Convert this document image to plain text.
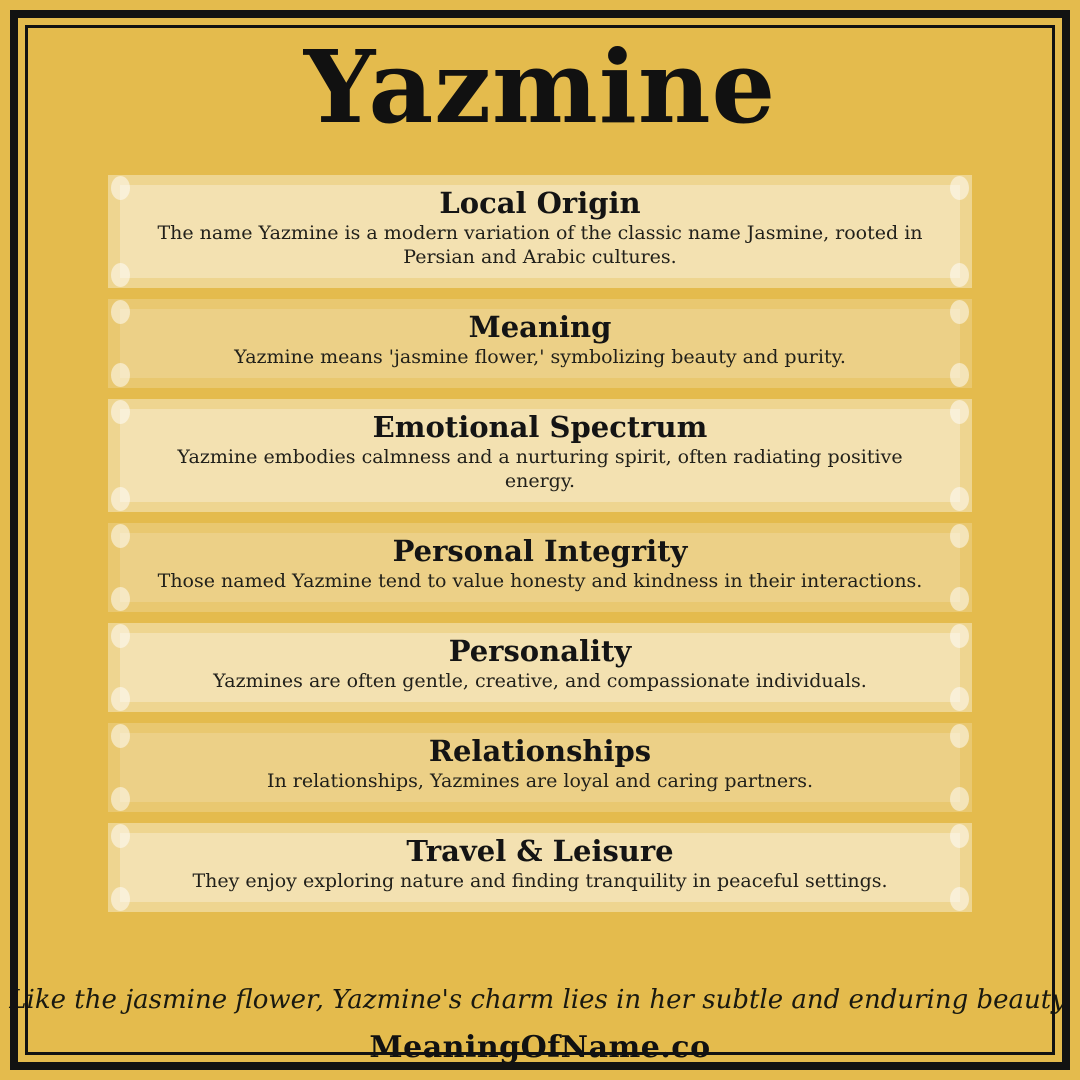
Yazmine
Local Origin

The name Yazmine is a modern variation of the classic name Jasmine, rooted in Persian and Arabic cultures.

Meaning

Yazmine means 'jasmine flower,' symbolizing beauty and purity.

Emotional Spectrum

Yazmine embodies calmness and a nurturing spirit, often radiating positive energy.

Personal Integrity

Those named Yazmine tend to value honesty and kindness in their interactions.

Personality

Yazmines are often gentle, creative, and compassionate individuals.

Relationships

In relationships, Yazmines are loyal and caring partners.

Travel & Leisure

They enjoy exploring nature and finding tranquility in peaceful settings.

Like the jasmine flower, Yazmine's charm lies in her subtle and enduring beauty.

MeaningOfName.co
